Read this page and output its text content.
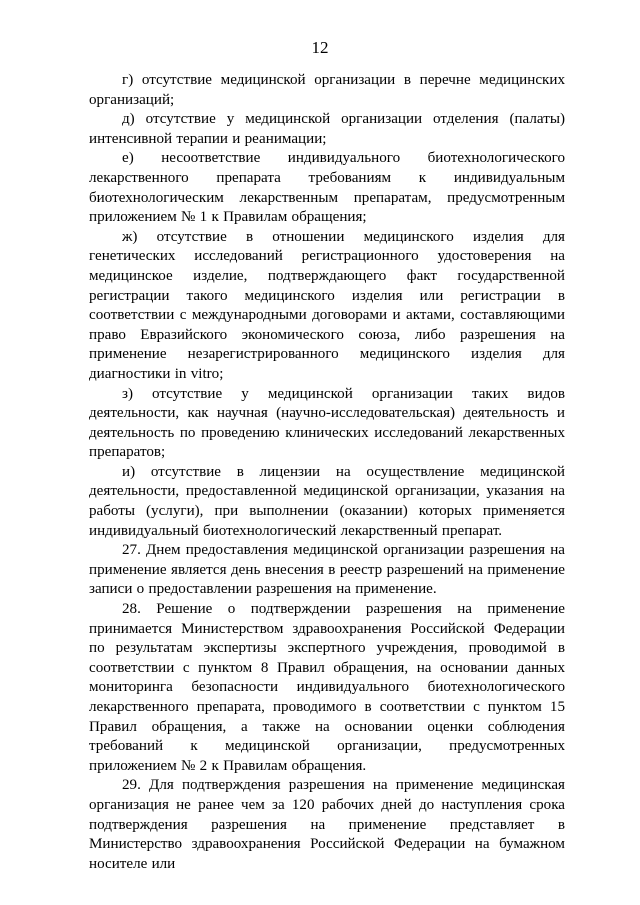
12

г) отсутствие медицинской организации в перечне медицинских организаций;

д) отсутствие у медицинской организации отделения (палаты) интенсивной терапии и реанимации;

е) несоответствие индивидуального биотехнологического лекарственного препарата требованиям к индивидуальным биотехнологическим лекарственным препаратам, предусмотренным приложением № 1 к Правилам обращения;

ж) отсутствие в отношении медицинского изделия для генетических исследований регистрационного удостоверения на медицинское изделие, подтверждающего факт государственной регистрации такого медицинского изделия или регистрации в соответствии с международными договорами и актами, составляющими право Евразийского экономического союза, либо разрешения на применение незарегистрированного медицинского изделия для диагностики in vitro;

з) отсутствие у медицинской организации таких видов деятельности, как научная (научно-исследовательская) деятельность и деятельность по проведению клинических исследований лекарственных препаратов;

и) отсутствие в лицензии на осуществление медицинской деятельности, предоставленной медицинской организации, указания на работы (услуги), при выполнении (оказании) которых применяется индивидуальный биотехнологический лекарственный препарат.

27. Днем предоставления медицинской организации разрешения на применение является день внесения в реестр разрешений на применение записи о предоставлении разрешения на применение.

28. Решение о подтверждении разрешения на применение принимается Министерством здравоохранения Российской Федерации по результатам экспертизы экспертного учреждения, проводимой в соответствии с пунктом 8 Правил обращения, на основании данных мониторинга безопасности индивидуального биотехнологического лекарственного препарата, проводимого в соответствии с пунктом 15 Правил обращения, а также на основании оценки соблюдения требований к медицинской организации, предусмотренных приложением № 2 к Правилам обращения.

29. Для подтверждения разрешения на применение медицинская организация не ранее чем за 120 рабочих дней до наступления срока подтверждения разрешения на применение представляет в Министерство здравоохранения Российской Федерации на бумажном носителе или
